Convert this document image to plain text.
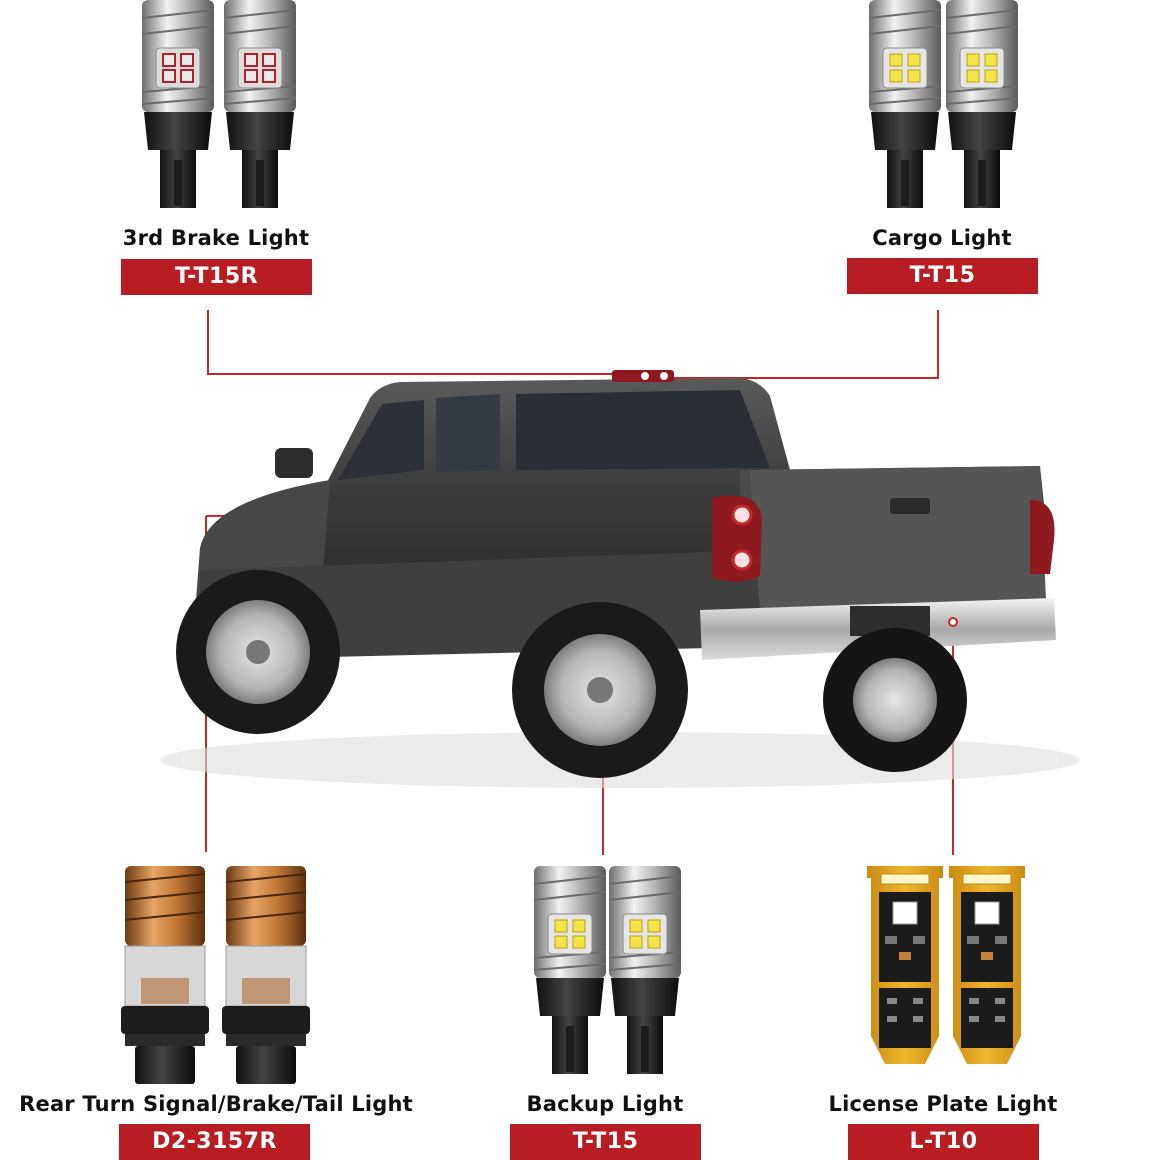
3rd Brake Light
T-T15R
Cargo Light
T-T15
Rear Turn Signal/Brake/Tail Light
D2-3157R
Backup Light
T-T15
License Plate Light
L-T10
